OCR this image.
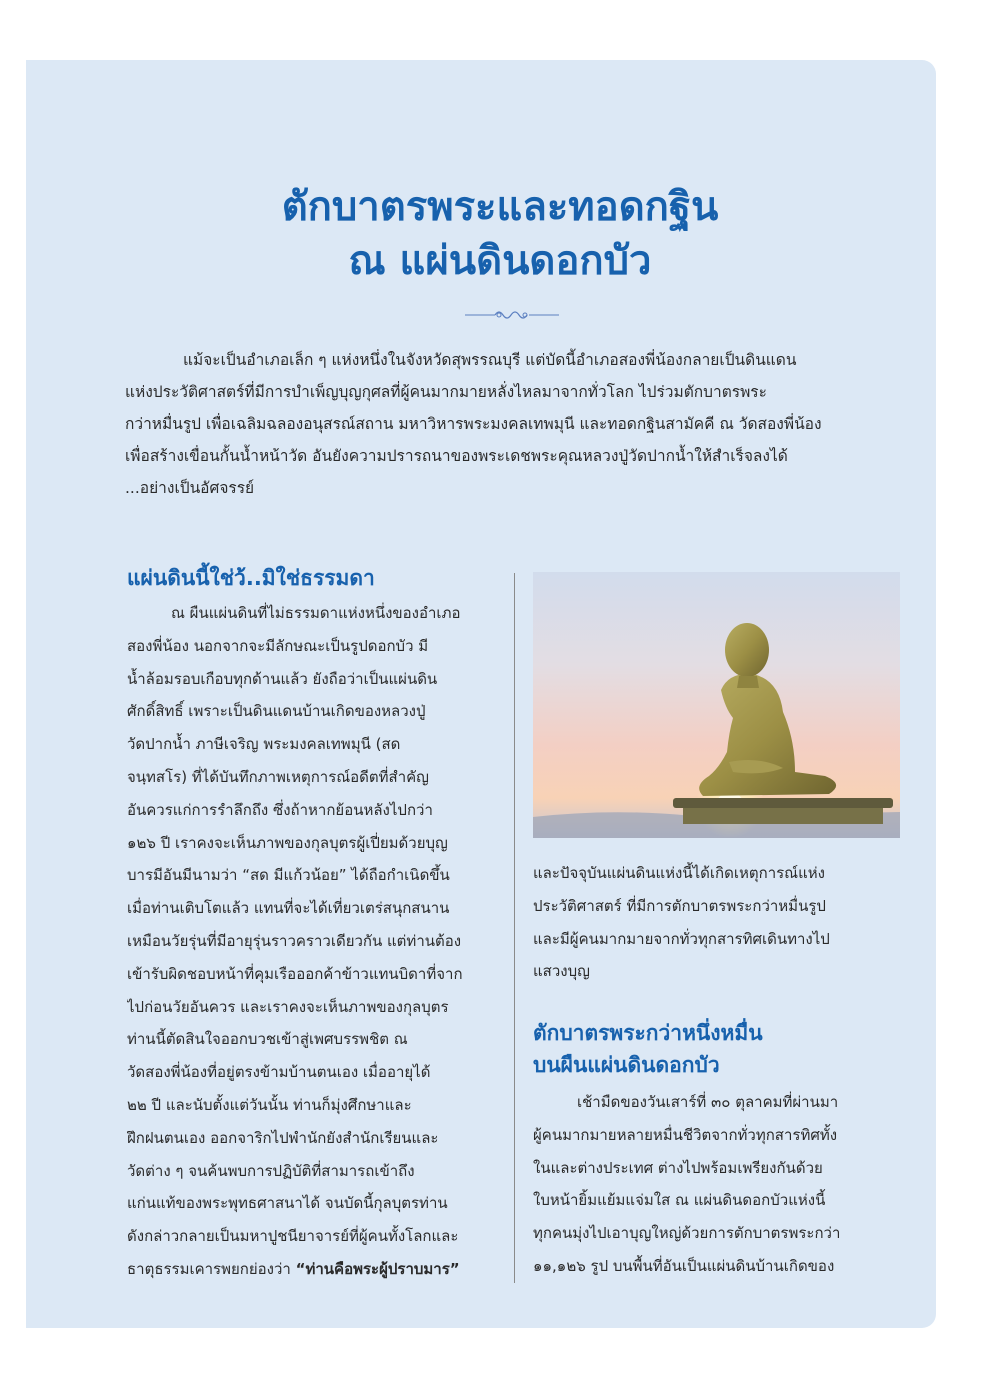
ตักบาตรพระและทอดกฐิน
ณ แผ่นดินดอกบัว
แม้จะเป็นอำเภอเล็ก ๆ แห่งหนึ่งในจังหวัดสุพรรณบุรี แต่บัดนี้อำเภอสองพี่น้องกลายเป็นดินแดน
แห่งประวัติศาสตร์ที่มีการบำเพ็ญบุญกุศลที่ผู้คนมากมายหลั่งไหลมาจากทั่วโลก ไปร่วมตักบาตรพระ
กว่าหมื่นรูป เพื่อเฉลิมฉลองอนุสรณ์สถาน มหาวิหารพระมงคลเทพมุนี และทอดกฐินสามัคคี ณ วัดสองพี่น้อง
เพื่อสร้างเขื่อนกั้นน้ำหน้าวัด อันยังความปรารถนาของพระเดชพระคุณหลวงปู่วัดปากน้ำให้สำเร็จลงได้
...อย่างเป็นอัศจรรย์
แผ่นดินนี้ใช่ว้..มิใช่ธรรมดา
ณ ผืนแผ่นดินที่ไม่ธรรมดาแห่งหนึ่งของอำเภอ
สองพี่น้อง นอกจากจะมีลักษณะเป็นรูปดอกบัว มี
น้ำล้อมรอบเกือบทุกด้านแล้ว ยังถือว่าเป็นแผ่นดิน
ศักดิ์สิทธิ์ เพราะเป็นดินแดนบ้านเกิดของหลวงปู่
วัดปากน้ำ ภาษีเจริญ พระมงคลเทพมุนี (สด
จนฺทสโร) ที่ได้บันทึกภาพเหตุการณ์อดีตที่สำคัญ
อันควรแก่การรำลึกถึง ซึ่งถ้าหากย้อนหลังไปกว่า
๑๒๖ ปี เราคงจะเห็นภาพของกุลบุตรผู้เปี่ยมด้วยบุญ
บารมีอันมีนามว่า “สด มีแก้วน้อย” ได้ถือกำเนิดขึ้น
เมื่อท่านเติบโตแล้ว แทนที่จะได้เที่ยวเตร่สนุกสนาน
เหมือนวัยรุ่นที่มีอายุรุ่นราวคราวเดียวกัน แต่ท่านต้อง
เข้ารับผิดชอบหน้าที่คุมเรือออกค้าข้าวแทนบิดาที่จาก
ไปก่อนวัยอันควร และเราคงจะเห็นภาพของกุลบุตร
ท่านนี้ตัดสินใจออกบวชเข้าสู่เพศบรรพชิต ณ
วัดสองพี่น้องที่อยู่ตรงข้ามบ้านตนเอง เมื่ออายุได้
๒๒ ปี และนับตั้งแต่วันนั้น ท่านก็มุ่งศึกษาและ
ฝึกฝนตนเอง ออกจาริกไปพำนักยังสำนักเรียนและ
วัดต่าง ๆ จนค้นพบการปฏิบัติที่สามารถเข้าถึง
แก่นแท้ของพระพุทธศาสนาได้ จนบัดนี้กุลบุตรท่าน
ดังกล่าวกลายเป็นมหาปูชนียาจารย์ที่ผู้คนทั้งโลกและ
ธาตุธรรมเคารพยกย่องว่า “ท่านคือพระผู้ปราบมาร”
และปัจจุบันแผ่นดินแห่งนี้ได้เกิดเหตุการณ์แห่ง
ประวัติศาสตร์ ที่มีการตักบาตรพระกว่าหมื่นรูป
และมีผู้คนมากมายจากทั่วทุกสารทิศเดินทางไป
แสวงบุญ
ตักบาตรพระกว่าหนึ่งหมื่น
บนผืนแผ่นดินดอกบัว
เช้ามืดของวันเสาร์ที่ ๓๐ ตุลาคมที่ผ่านมา
ผู้คนมากมายหลายหมื่นชีวิตจากทั่วทุกสารทิศทั้ง
ในและต่างประเทศ ต่างไปพร้อมเพรียงกันด้วย
ใบหน้ายิ้มแย้มแจ่มใส ณ แผ่นดินดอกบัวแห่งนี้
ทุกคนมุ่งไปเอาบุญใหญ่ด้วยการตักบาตรพระกว่า
๑๑,๑๒๖ รูป บนพื้นที่อันเป็นแผ่นดินบ้านเกิดของ
